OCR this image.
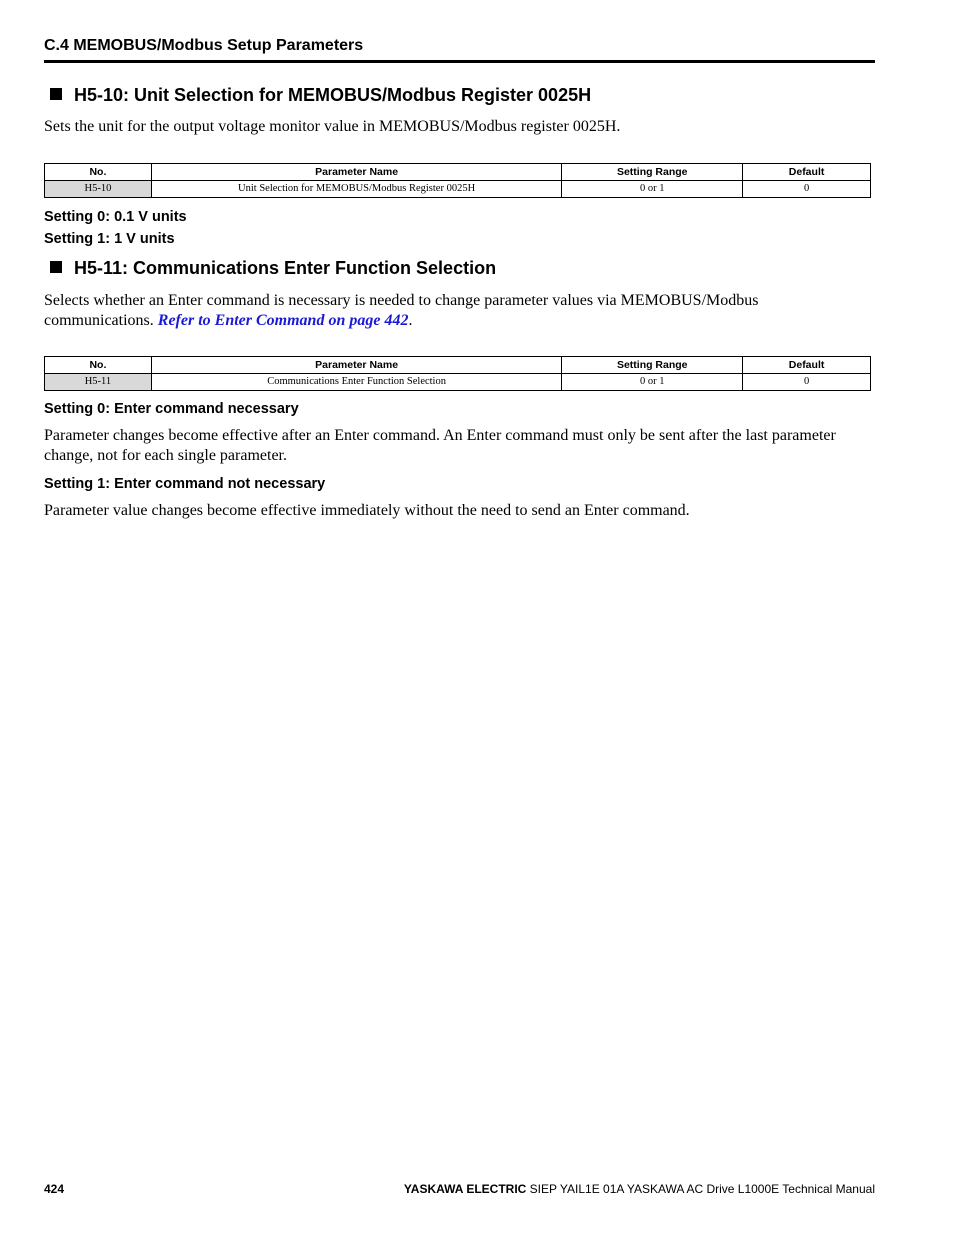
C.4 MEMOBUS/Modbus Setup Parameters
H5-10: Unit Selection for MEMOBUS/Modbus Register 0025H
Sets the unit for the output voltage monitor value in MEMOBUS/Modbus register 0025H.
No.	Parameter Name	Setting Range	Default
H5-10	Unit Selection for MEMOBUS/Modbus Register 0025H	0 or 1	0
Setting 0: 0.1 V units
Setting 1: 1 V units
H5-11: Communications Enter Function Selection
Selects whether an Enter command is necessary is needed to change parameter values via MEMOBUS/Modbus communications. Refer to Enter Command on page 442.
No.	Parameter Name	Setting Range	Default
H5-11	Communications Enter Function Selection	0 or 1	0
Setting 0: Enter command necessary
Parameter changes become effective after an Enter command. An Enter command must only be sent after the last parameter change, not for each single parameter.
Setting 1: Enter command not necessary
Parameter value changes become effective immediately without the need to send an Enter command.
424	YASKAWA ELECTRIC SIEP YAIL1E 01A YASKAWA AC Drive L1000E Technical Manual
